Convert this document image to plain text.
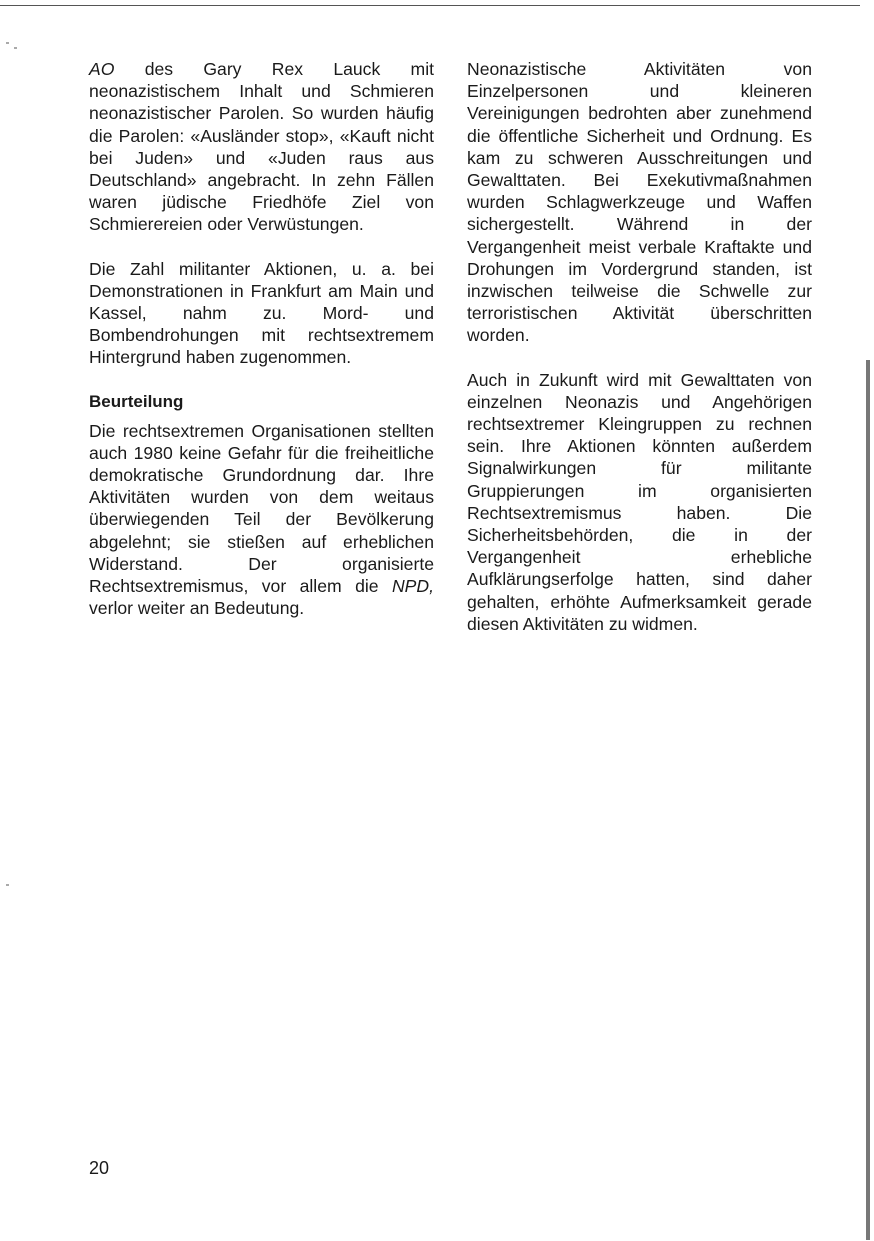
AO des Gary Rex Lauck mit neonazistischem Inhalt und Schmieren neonazistischer Parolen. So wurden häufig die Parolen: «Ausländer stop», «Kauft nicht bei Juden» und «Juden raus aus Deutschland» angebracht. In zehn Fällen waren jüdische Friedhöfe Ziel von Schmierereien oder Verwüstungen.

Die Zahl militanter Aktionen, u. a. bei Demonstrationen in Frankfurt am Main und Kassel, nahm zu. Mord- und Bombendrohungen mit rechtsextremem Hintergrund haben zugenommen.

Beurteilung

Die rechtsextremen Organisationen stellten auch 1980 keine Gefahr für die freiheitliche demokratische Grundordnung dar. Ihre Aktivitäten wurden von dem weitaus überwiegenden Teil der Bevölkerung abgelehnt; sie stießen auf erheblichen Widerstand. Der organisierte Rechtsextremismus, vor allem die NPD, verlor weiter an Bedeutung.

Neonazistische Aktivitäten von Einzelpersonen und kleineren Vereinigungen bedrohten aber zunehmend die öffentliche Sicherheit und Ordnung. Es kam zu schweren Ausschreitungen und Gewalttaten. Bei Exekutivmaßnahmen wurden Schlagwerkzeuge und Waffen sichergestellt. Während in der Vergangenheit meist verbale Kraftakte und Drohungen im Vordergrund standen, ist inzwischen teilweise die Schwelle zur terroristischen Aktivität überschritten worden.

Auch in Zukunft wird mit Gewalttaten von einzelnen Neonazis und Angehörigen rechtsextremer Kleingruppen zu rechnen sein. Ihre Aktionen könnten außerdem Signalwirkungen für militante Gruppierungen im organisierten Rechtsextremismus haben. Die Sicherheitsbehörden, die in der Vergangenheit erhebliche Aufklärungserfolge hatten, sind daher gehalten, erhöhte Aufmerksamkeit gerade diesen Aktivitäten zu widmen.

20
